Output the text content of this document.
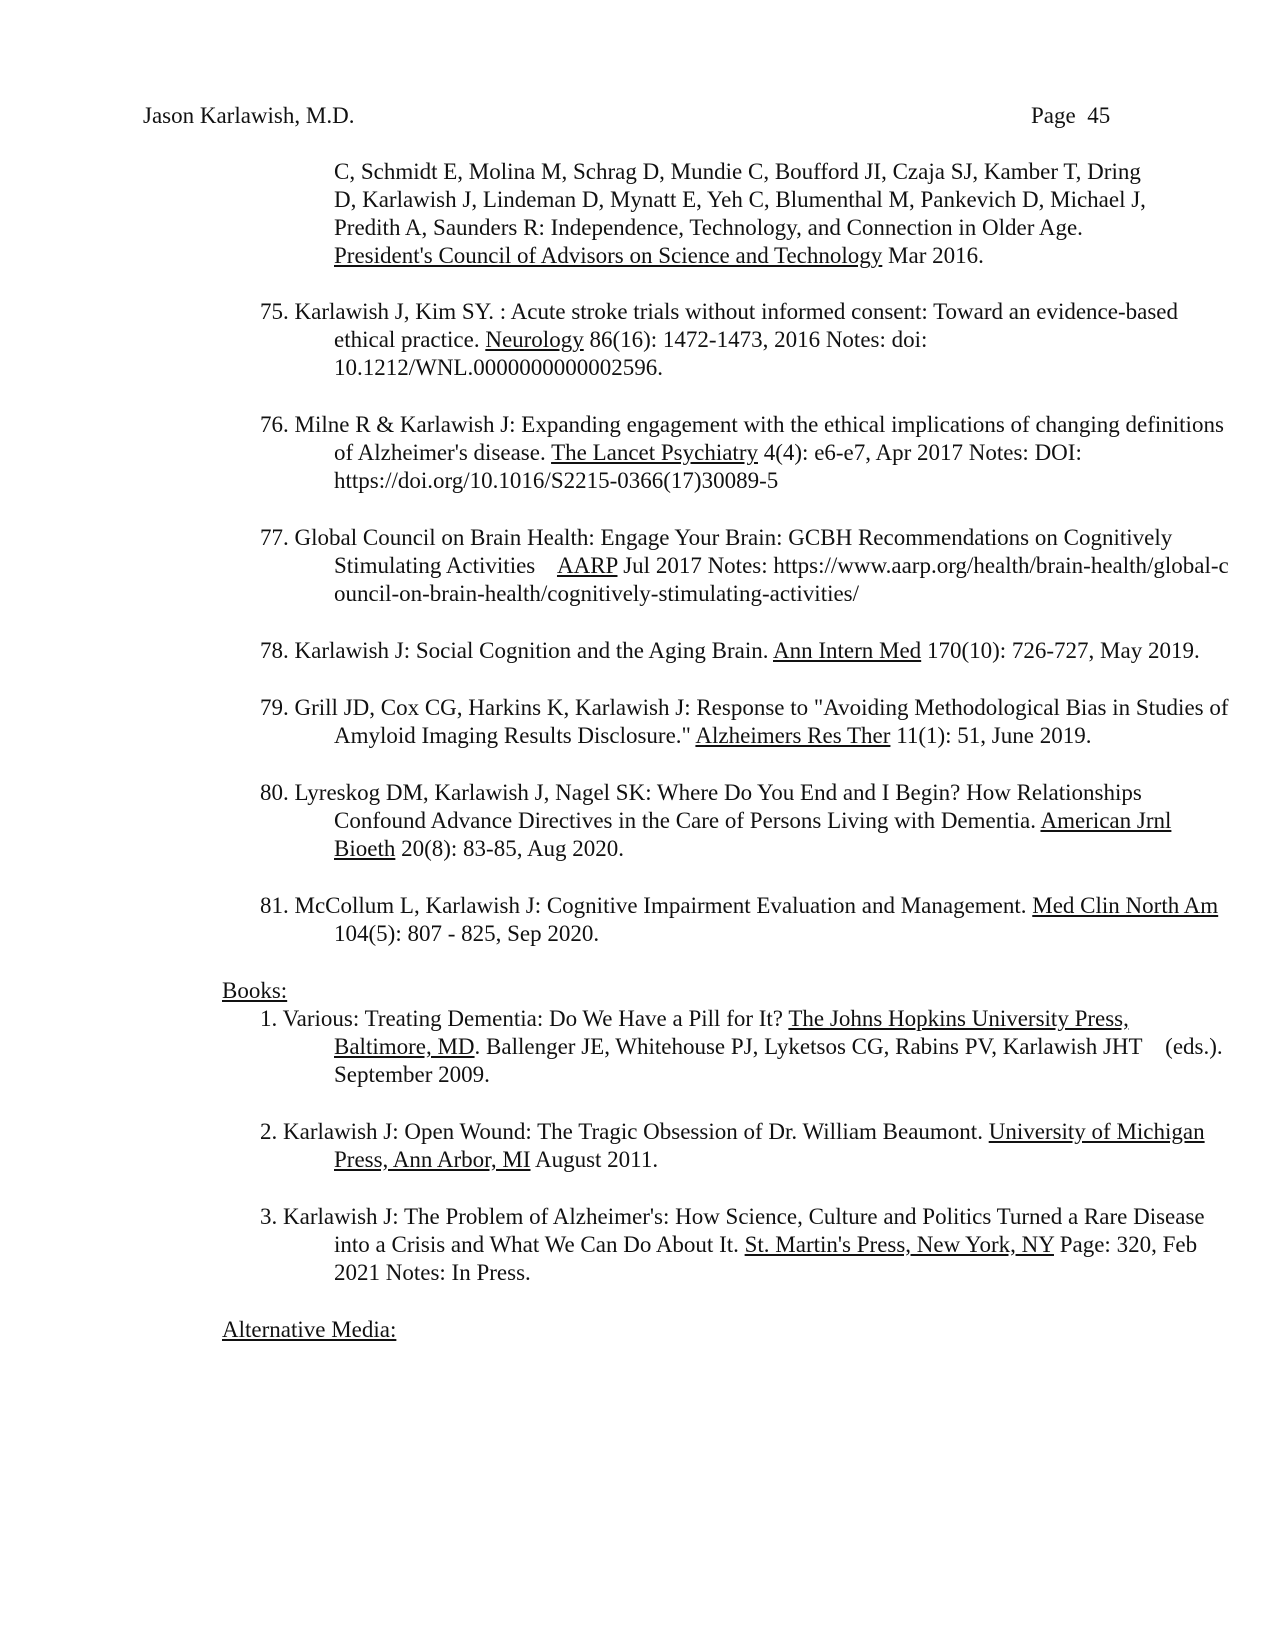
Jason Karlawish, M.D.	Page  45
C, Schmidt E, Molina M, Schrag D, Mundie C, Boufford JI, Czaja SJ, Kamber T, Dring D, Karlawish J, Lindeman D, Mynatt E, Yeh C, Blumenthal M, Pankevich D, Michael J, Predith A, Saunders R: Independence, Technology, and Connection in Older Age. President's Council of Advisors on Science and Technology Mar 2016.
75. Karlawish J, Kim SY. : Acute stroke trials without informed consent: Toward an evidence-based ethical practice. Neurology 86(16): 1472-1473, 2016 Notes: doi: 10.1212/WNL.0000000000002596.
76. Milne R & Karlawish J: Expanding engagement with the ethical implications of changing definitions of Alzheimer's disease. The Lancet Psychiatry 4(4): e6-e7, Apr 2017 Notes: DOI: https://doi.org/10.1016/S2215-0366(17)30089-5
77. Global Council on Brain Health: Engage Your Brain: GCBH Recommendations on Cognitively Stimulating Activities    AARP Jul 2017 Notes: https://www.aarp.org/health/brain-health/global-council-on-brain-health/cognitively-stimulating-activities/
78. Karlawish J: Social Cognition and the Aging Brain. Ann Intern Med 170(10): 726-727, May 2019.
79. Grill JD, Cox CG, Harkins K, Karlawish J: Response to "Avoiding Methodological Bias in Studies of Amyloid Imaging Results Disclosure." Alzheimers Res Ther 11(1): 51, June 2019.
80. Lyreskog DM, Karlawish J, Nagel SK: Where Do You End and I Begin? How Relationships Confound Advance Directives in the Care of Persons Living with Dementia. American Jrnl Bioeth 20(8): 83-85, Aug 2020.
81. McCollum L, Karlawish J: Cognitive Impairment Evaluation and Management. Med Clin North Am 104(5): 807 - 825, Sep 2020.
Books:
1. Various: Treating Dementia: Do We Have a Pill for It? The Johns Hopkins University Press, Baltimore, MD. Ballenger JE, Whitehouse PJ, Lyketsos CG, Rabins PV, Karlawish JHT    (eds.). September 2009.
2. Karlawish J: Open Wound: The Tragic Obsession of Dr. William Beaumont. University of Michigan Press, Ann Arbor, MI August 2011.
3. Karlawish J: The Problem of Alzheimer's: How Science, Culture and Politics Turned a Rare Disease into a Crisis and What We Can Do About It. St. Martin's Press, New York, NY Page: 320, Feb 2021 Notes: In Press.
Alternative Media:
